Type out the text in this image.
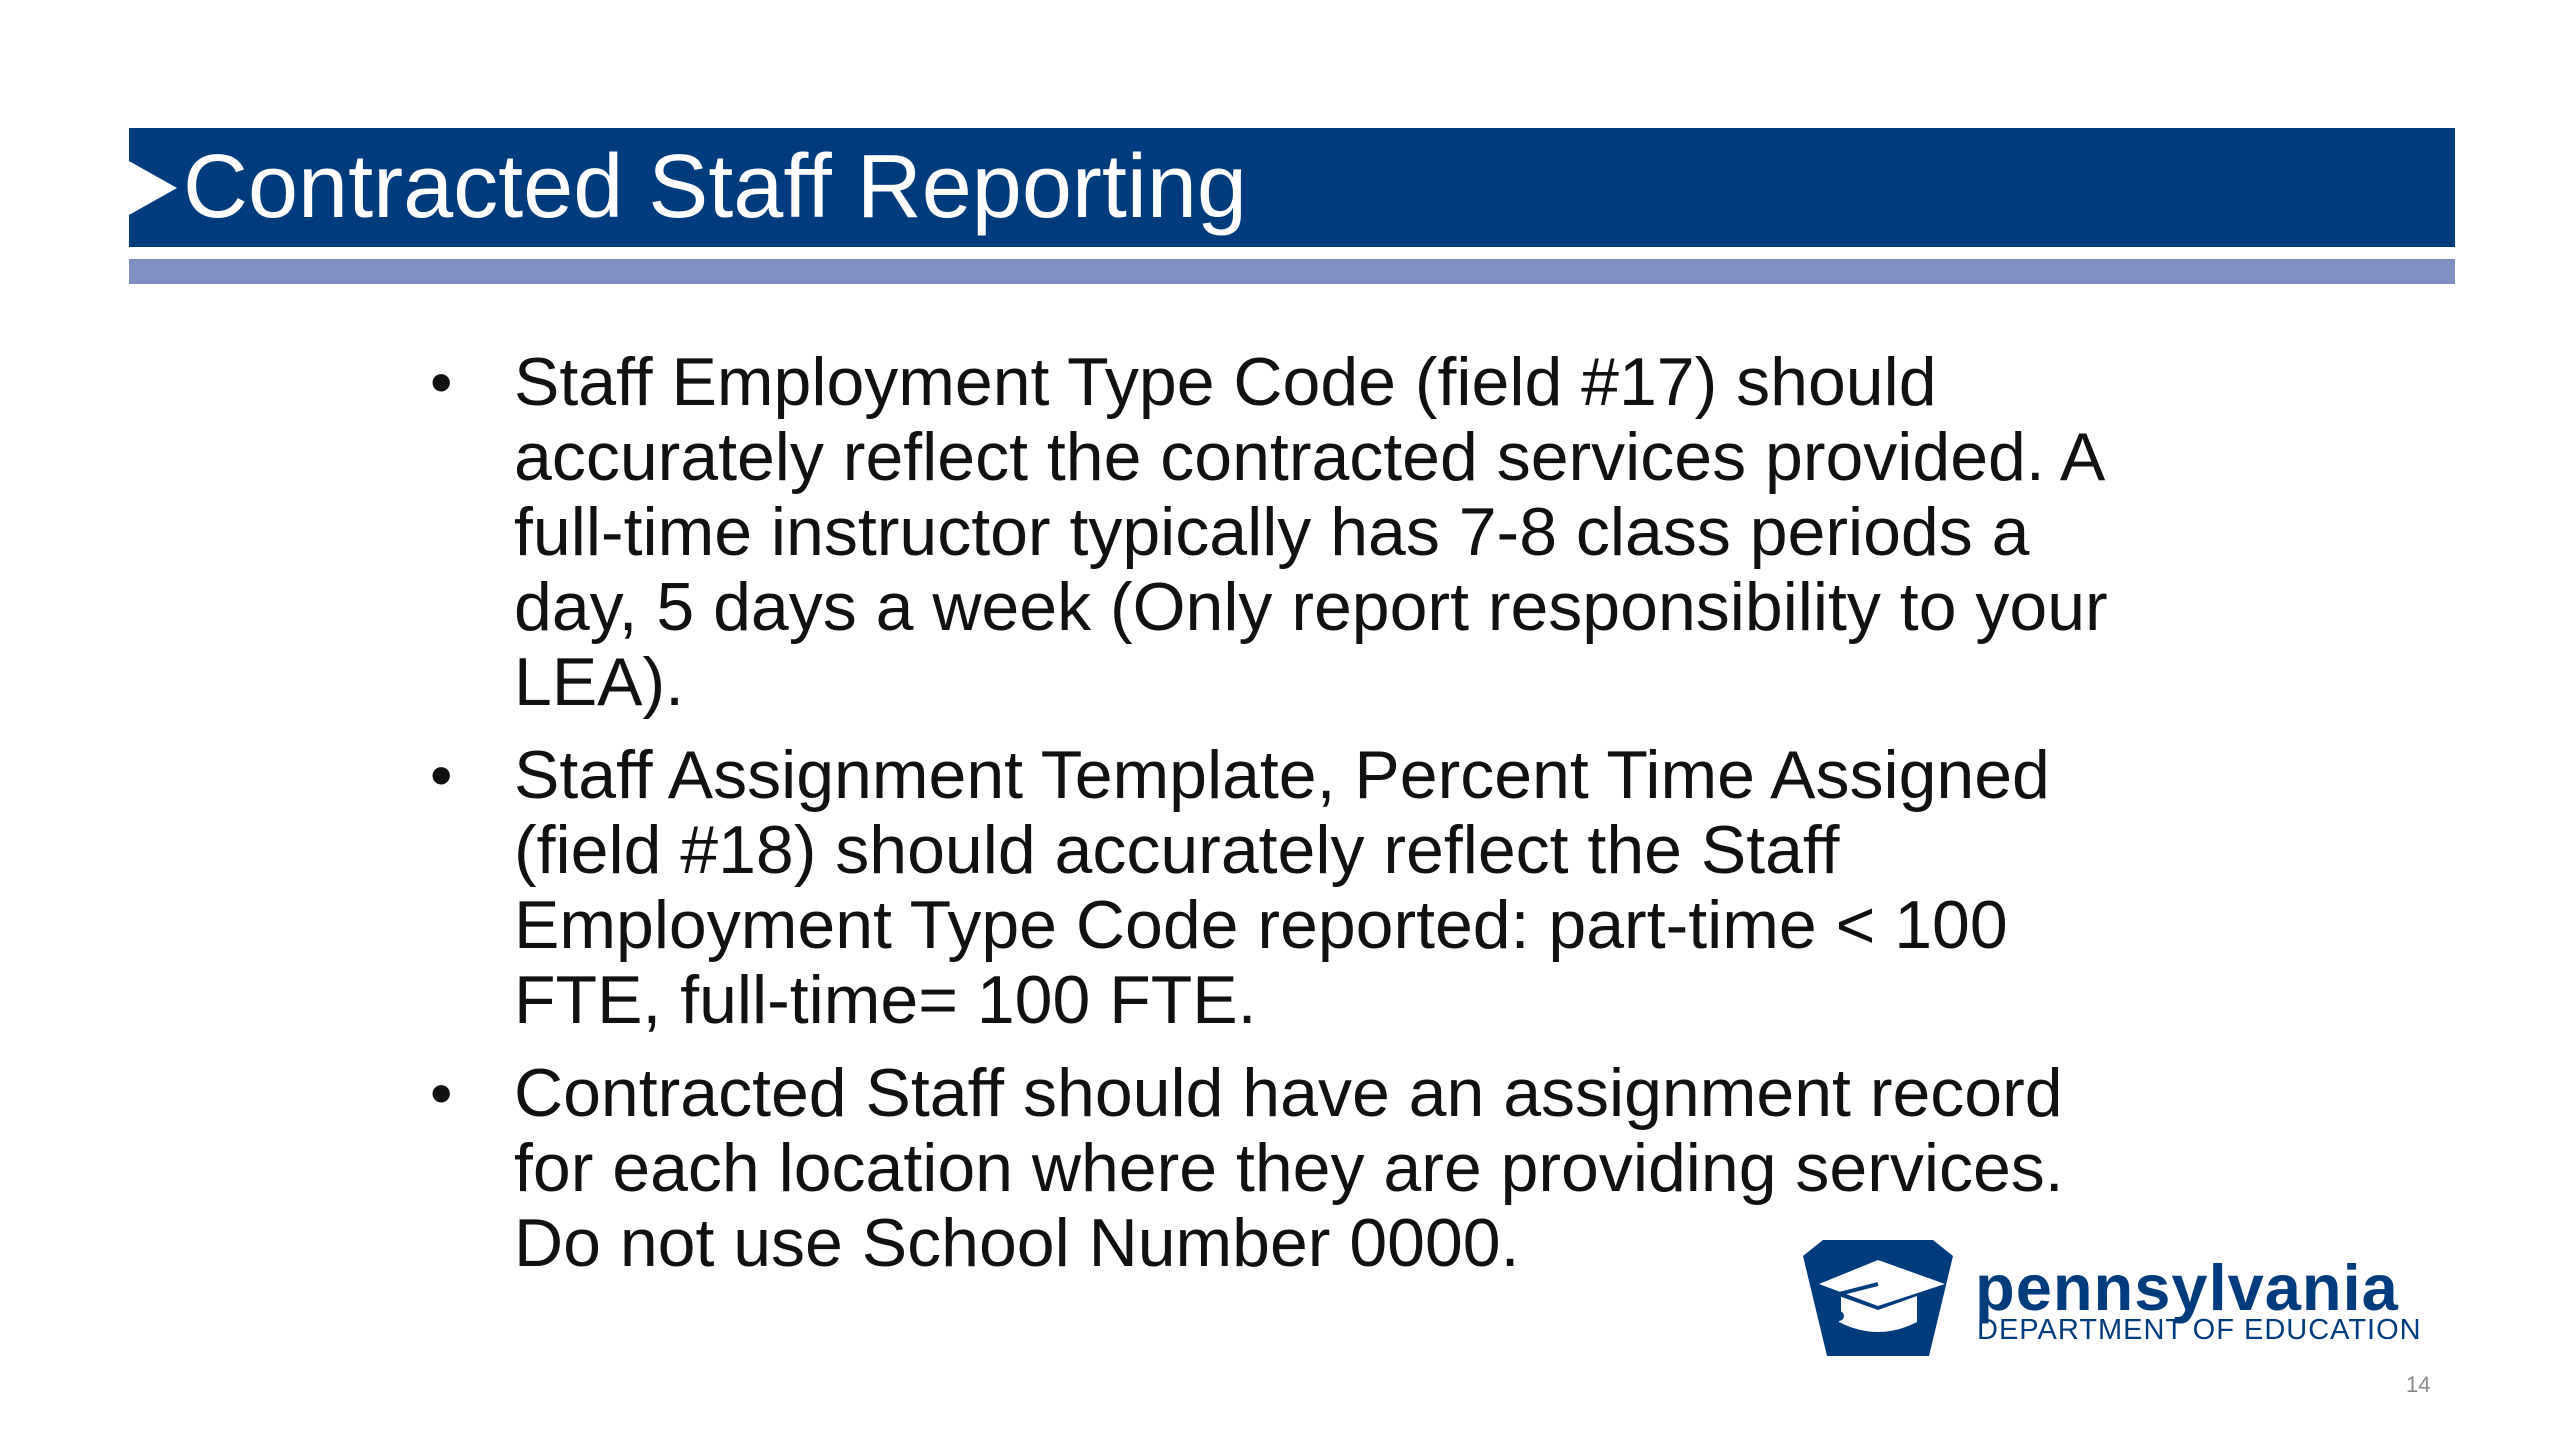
Contracted Staff Reporting
• Staff Employment Type Code (field #17) should accurately reflect the contracted services provided. A full-time instructor typically has 7-8 class periods a day, 5 days a week (Only report responsibility to your LEA).
• Staff Assignment Template, Percent Time Assigned (field #18) should accurately reflect the Staff Employment Type Code reported: part-time < 100 FTE, full-time= 100 FTE.
• Contracted Staff should have an assignment record for each location where they are providing services. Do not use School Number 0000.
pennsylvania
DEPARTMENT OF EDUCATION
14
